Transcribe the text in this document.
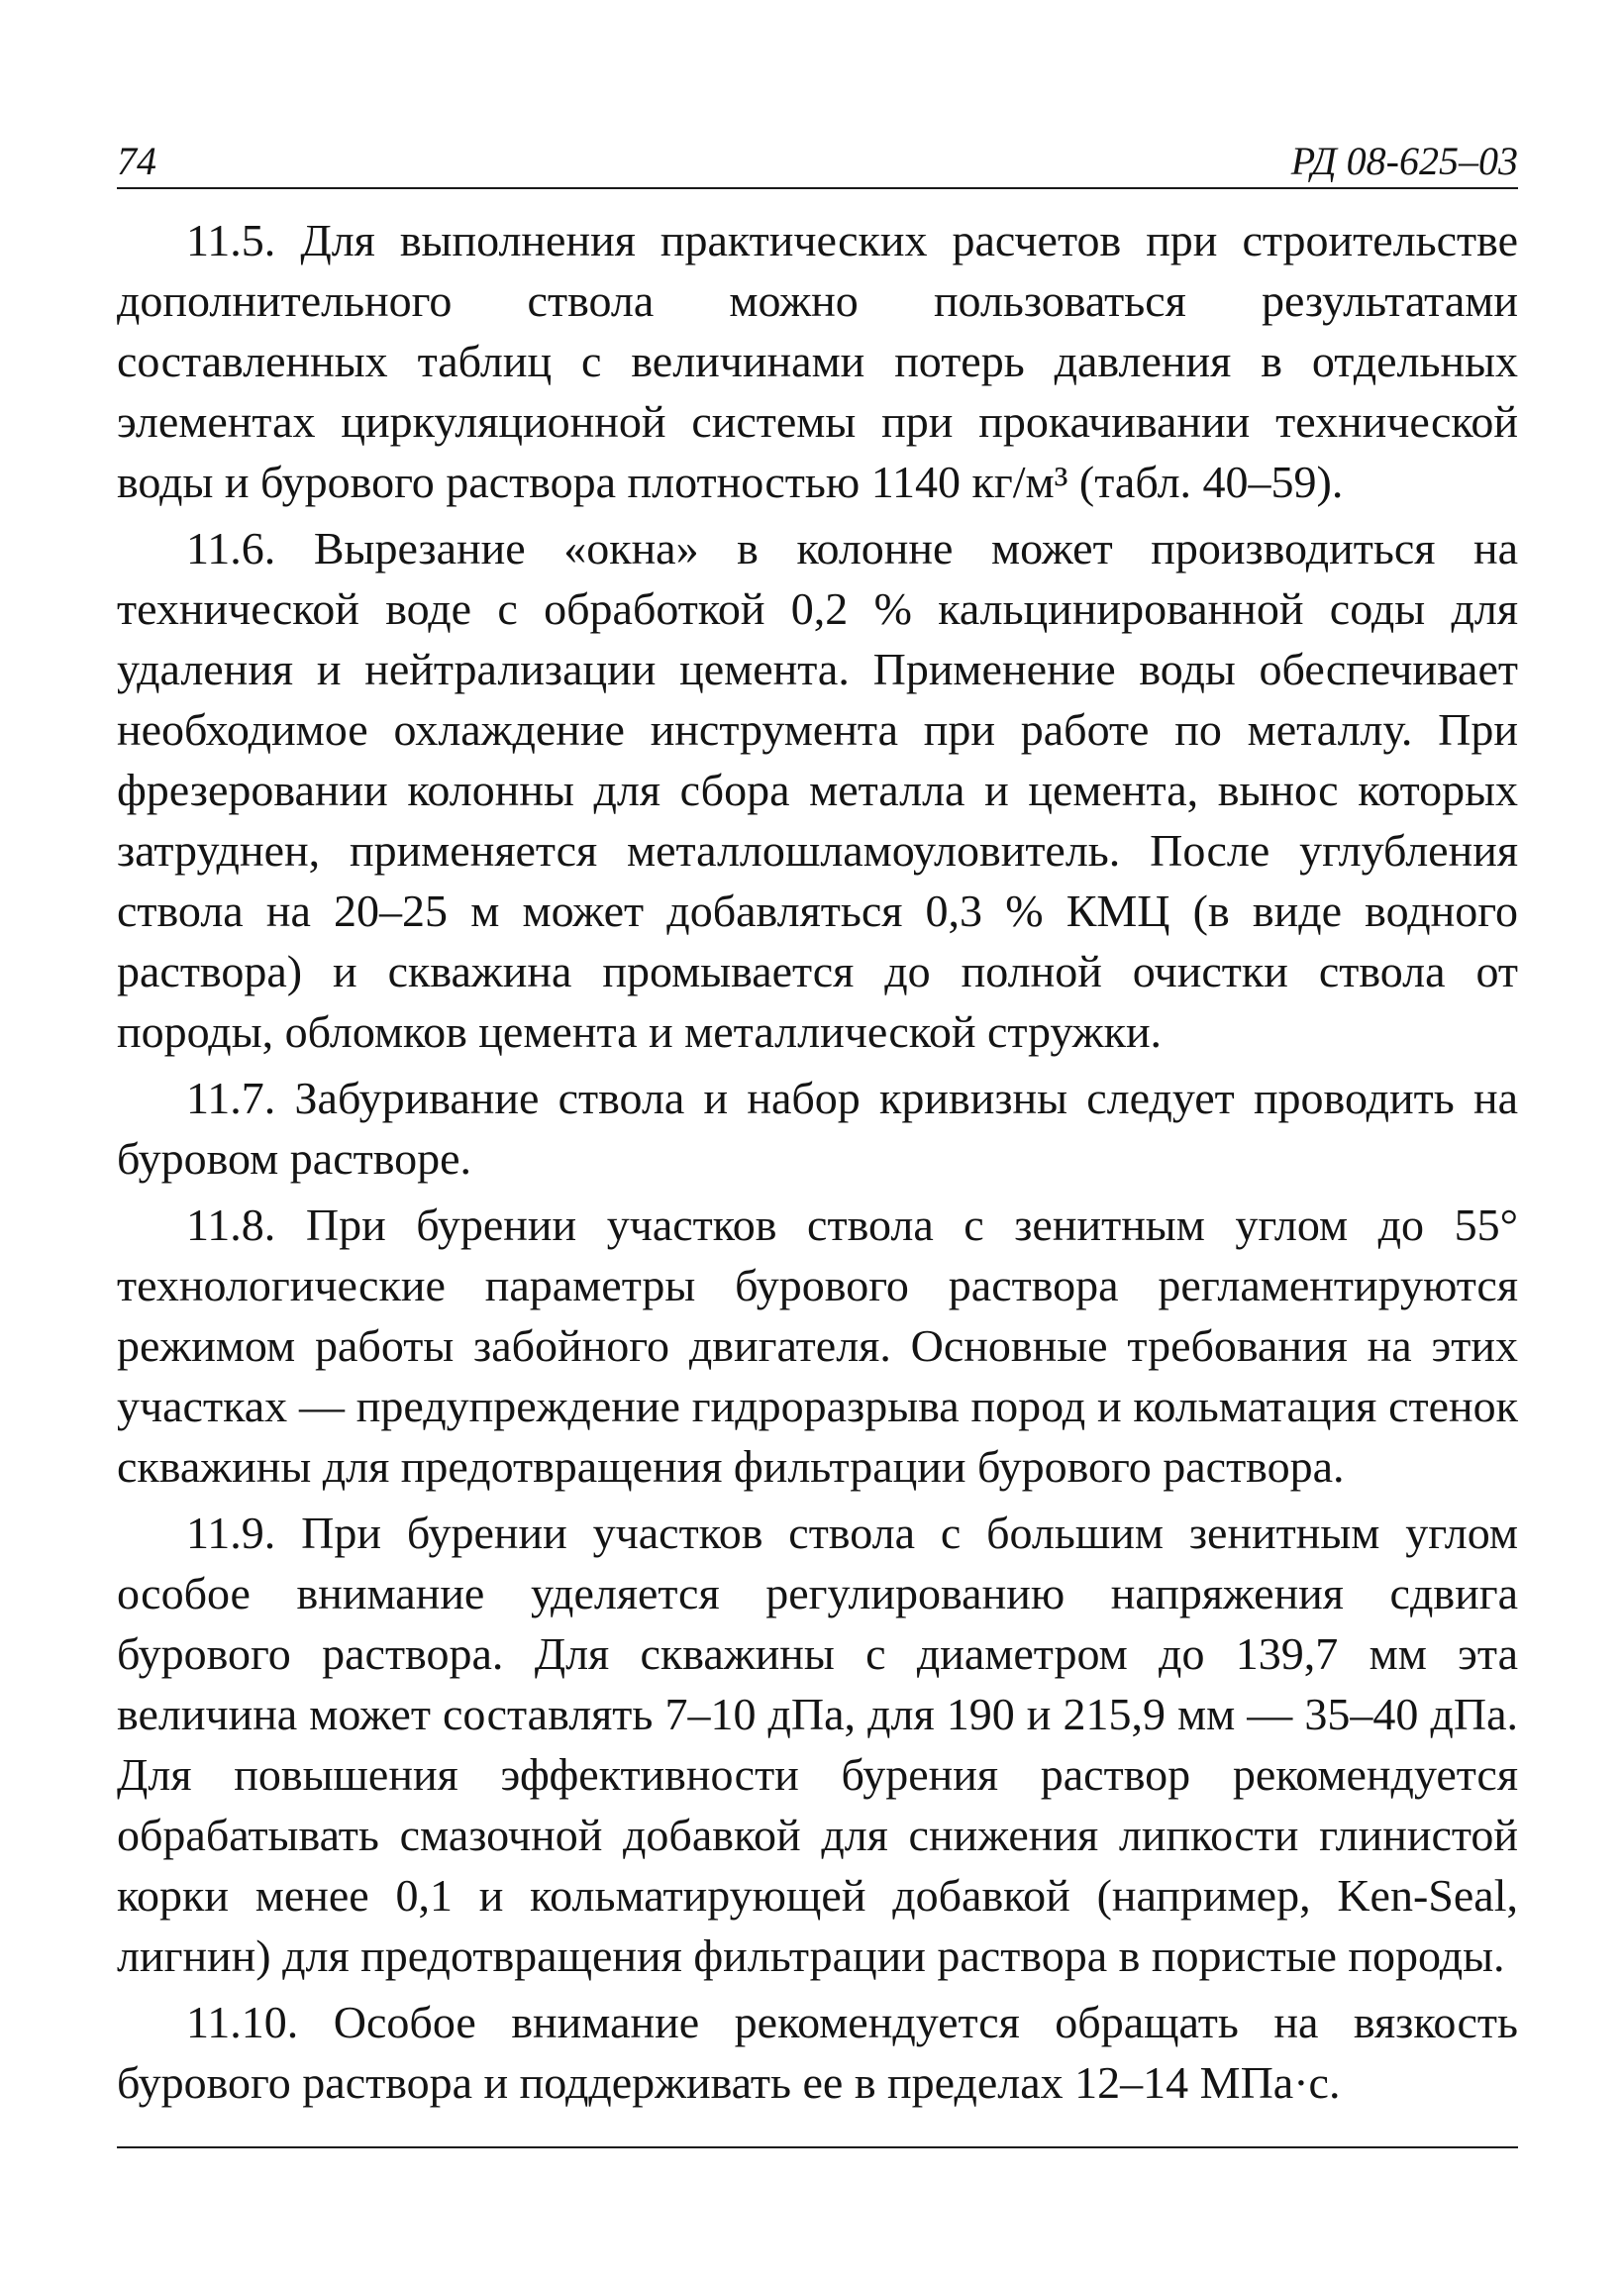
74	РД 08-625–03

11.5. Для выполнения практических расчетов при строительстве дополнительного ствола можно пользоваться результатами составленных таблиц с величинами потерь давления в отдельных элементах циркуляционной системы при прокачивании технической воды и бурового раствора плотностью 1140 кг/м³ (табл. 40–59).

11.6. Вырезание «окна» в колонне может производиться на технической воде с обработкой 0,2 % кальцинированной соды для удаления и нейтрализации цемента. Применение воды обеспечивает необходимое охлаждение инструмента при работе по металлу. При фрезеровании колонны для сбора металла и цемента, вынос которых затруднен, применяется металлошламоуловитель. После углубления ствола на 20–25 м может добавляться 0,3 % КМЦ (в виде водного раствора) и скважина промывается до полной очистки ствола от породы, обломков цемента и металлической стружки.

11.7. Забуривание ствола и набор кривизны следует проводить на буровом растворе.

11.8. При бурении участков ствола с зенитным углом до 55° технологические параметры бурового раствора регламентируются режимом работы забойного двигателя. Основные требования на этих участках — предупреждение гидроразрыва пород и кольматация стенок скважины для предотвращения фильтрации бурового раствора.

11.9. При бурении участков ствола с большим зенитным углом особое внимание уделяется регулированию напряжения сдвига бурового раствора. Для скважины с диаметром до 139,7 мм эта величина может составлять 7–10 дПа, для 190 и 215,9 мм — 35–40 дПа. Для повышения эффективности бурения раствор рекомендуется обрабатывать смазочной добавкой для снижения липкости глинистой корки менее 0,1 и кольматирующей добавкой (например, Ken-Seal, лигнин) для предотвращения фильтрации раствора в пористые породы.

11.10. Особое внимание рекомендуется обращать на вязкость бурового раствора и поддерживать ее в пределах 12–14 МПа·с.
